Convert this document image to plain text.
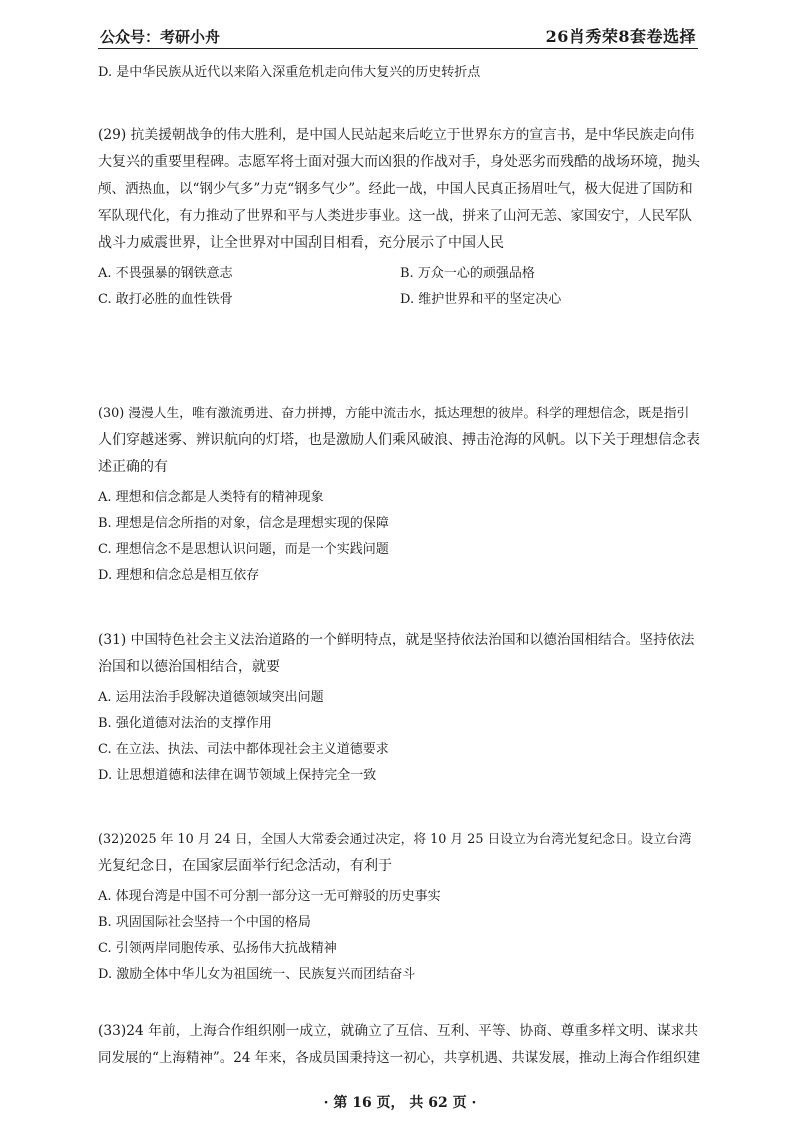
公众号：考研小舟	26肖秀荣8套卷选择
D. 是中华民族从近代以来陷入深重危机走向伟大复兴的历史转折点
(29) 抗美援朝战争的伟大胜利，是中国人民站起来后屹立于世界东方的宣言书，是中华民族走向伟
大复兴的重要里程碑。志愿军将士面对强大而凶狠的作战对手，身处恶劣而残酷的战场环境，抛头
颅、洒热血，以“钢少气多”力克“钢多气少”。经此一战，中国人民真正扬眉吐气，极大促进了国防和
军队现代化，有力推动了世界和平与人类进步事业。这一战，拼来了山河无恙、家国安宁，人民军队
战斗力威震世界，让全世界对中国刮目相看，充分展示了中国人民
A. 不畏强暴的钢铁意志	B. 万众一心的顽强品格
C. 敢打必胜的血性铁骨	D. 维护世界和平的坚定决心
(30) 漫漫人生，唯有激流勇进、奋力拼搏，方能中流击水，抵达理想的彼岸。科学的理想信念，既是指引
人们穿越迷雾、辨识航向的灯塔，也是激励人们乘风破浪、搏击沧海的风帆。以下关于理想信念表
述正确的有
A. 理想和信念都是人类特有的精神现象
B. 理想是信念所指的对象，信念是理想实现的保障
C. 理想信念不是思想认识问题，而是一个实践问题
D. 理想和信念总是相互依存
(31) 中国特色社会主义法治道路的一个鲜明特点，就是坚持依法治国和以德治国相结合。坚持依法
治国和以德治国相结合，就要
A. 运用法治手段解决道德领域突出问题
B. 强化道德对法治的支撑作用
C. 在立法、执法、司法中都体现社会主义道德要求
D. 让思想道德和法律在调节领域上保持完全一致
(32)2025 年 10 月 24 日，全国人大常委会通过决定，将 10 月 25 日设立为台湾光复纪念日。设立台湾
光复纪念日，在国家层面举行纪念活动，有利于
A. 体现台湾是中国不可分割一部分这一无可辩驳的历史事实
B. 巩固国际社会坚持一个中国的格局
C. 引领两岸同胞传承、弘扬伟大抗战精神
D. 激励全体中华儿女为祖国统一、民族复兴而团结奋斗
(33)24 年前，上海合作组织刚一成立，就确立了互信、互利、平等、协商、尊重多样文明、谋求共
同发展的“上海精神”。24 年来，各成员国秉持这一初心，共享机遇、共谋发展，推动上海合作组织建
· 第 16 页， 共 62 页 ·
